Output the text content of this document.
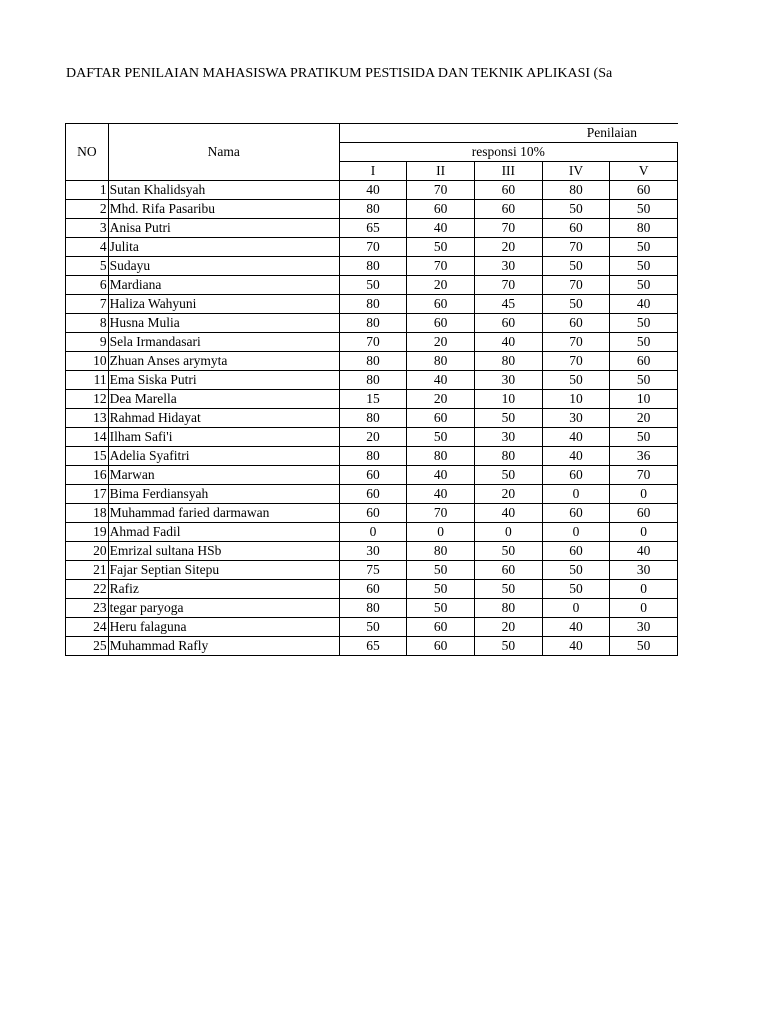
DAFTAR PENILAIAN MAHASISWA PRATIKUM PESTISIDA DAN TEKNIK APLIKASI (Sa
NO	Nama	Penilaian				
		responsi 10%				
		I	II	III	IV	V
1	Sutan Khalidsyah	40	70	60	80	60
2	Mhd. Rifa Pasaribu	80	60	60	50	50
3	Anisa Putri	65	40	70	60	80
4	Julita	70	50	20	70	50
5	Sudayu	80	70	30	50	50
6	Mardiana	50	20	70	70	50
7	Haliza Wahyuni	80	60	45	50	40
8	Husna Mulia	80	60	60	60	50
9	Sela Irmandasari	70	20	40	70	50
10	Zhuan Anses arymyta	80	80	80	70	60
11	Ema Siska Putri	80	40	30	50	50
12	Dea Marella	15	20	10	10	10
13	Rahmad Hidayat	80	60	50	30	20
14	Ilham Safi'i	20	50	30	40	50
15	Adelia Syafitri	80	80	80	40	36
16	Marwan	60	40	50	60	70
17	Bima Ferdiansyah	60	40	20	0	0
18	Muhammad faried darmawan	60	70	40	60	60
19	Ahmad Fadil	0	0	0	0	0
20	Emrizal sultana HSb	30	80	50	60	40
21	Fajar Septian Sitepu	75	50	60	50	30
22	Rafiz	60	50	50	50	0
23	tegar paryoga	80	50	80	0	0
24	Heru falaguna	50	60	20	40	30
25	Muhammad Rafly	65	60	50	40	50
